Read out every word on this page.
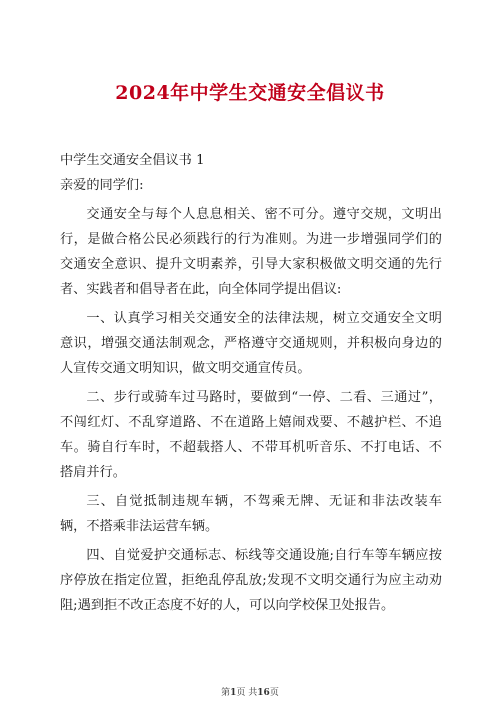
2024年中学生交通安全倡议书

中学生交通安全倡议书 1

亲爱的同学们:

交通安全与每个人息息相关、密不可分。遵守交规，文明出行，是做合格公民必须践行的行为准则。为进一步增强同学们的交通安全意识、提升文明素养，引导大家积极做文明交通的先行者、实践者和倡导者在此，向全体同学提出倡议:

一、认真学习相关交通安全的法律法规，树立交通安全文明意识，增强交通法制观念，严格遵守交通规则，并积极向身边的人宣传交通文明知识，做文明交通宣传员。

二、步行或骑车过马路时，要做到“一停、二看、三通过”，不闯红灯、不乱穿道路、不在道路上嬉闹戏要、不越护栏、不追车。骑自行车时，不超载搭人、不带耳机听音乐、不打电话、不搭肩并行。

三、自觉抵制违规车辆，不驾乘无牌、无证和非法改装车辆，不搭乘非法运营车辆。

四、自觉爱护交通标志、标线等交通设施;自行车等车辆应按序停放在指定位置，拒绝乱停乱放;发现不文明交通行为应主动劝阻;遇到拒不改正态度不好的人，可以向学校保卫处报告。

第1页 共16页
